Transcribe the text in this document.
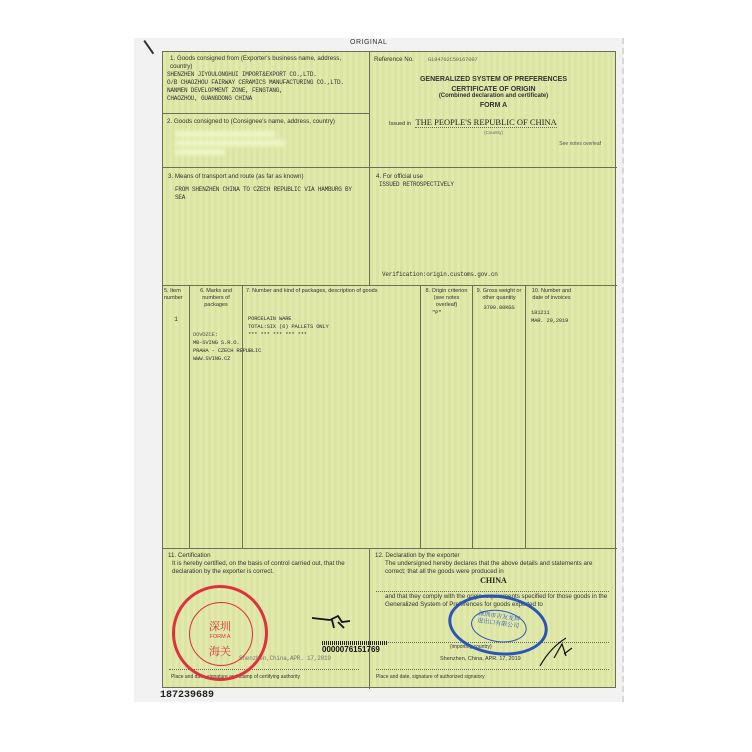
ORIGINAL
1. Goods consigned from (Exporter's business name, address, country)
SHENZHEN JIYOULONGHUI IMPORT&EXPORT CO.,LTD.
O/B CHAOZHOU FAIRWAY CERAMICS MANUFACTURING CO.,LTD.
NANMEN DEVELOPMENT ZONE, FENGTANG,
CHAOZHOU, GUANGDONG CHINA
2. Goods consigned to (Consignee's name, address, country)
Reference No.	G194702C59167007
GENERALIZED SYSTEM OF PREFERENCES
CERTIFICATE OF ORIGIN
(Combined declaration and certificate)
FORM A
Issued in THE PEOPLE'S REPUBLIC OF CHINA
(Country)
See notes overleaf
3. Means of transport and route (as far as known)
FROM SHENZHEN CHINA TO CZECH REPUBLIC VIA HAMBURG BY SEA
4. For official use
ISSUED RETROSPECTIVELY
Verification:origin.customs.gov.cn
5. Item number
1
6. Marks and numbers of packages
DOVOZCE:
MB-SVING S.R.O.
PRAHA - CZECH REPUBLIC
WWW.SVING.CZ
7. Number and kind of packages, description of goods
PORCELAIN WARE
TOTAL:SIX (6) PALLETS ONLY
*** *** *** *** ***
8. Origin criterion (see notes overleaf)
"P"
9. Gross weight or other quantity
3790.00KGS
10. Number and date of invoices
181211
MAR. 29,2019
11. Certification
It is hereby certified, on the basis of control carried out, that the declaration by the exporter is correct.
Shenzhen,China,APR. 17,2019
Place and date, signature and stamp of certifying authority
12. Declaration by the exporter
The undersigned hereby declares that the above details and statements are correct; that all the goods were produced in
CHINA
and that they comply with the origin requirements specified for those goods in the Generalized System of Preferences for goods exported to
(importing country)
Shenzhen, China, APR. 17, 2019
Place and date, signature of authorized signatory
深圳
FORM A
海关	0000076151769
深圳市吉友龙辉进出口有限公司
187239689
